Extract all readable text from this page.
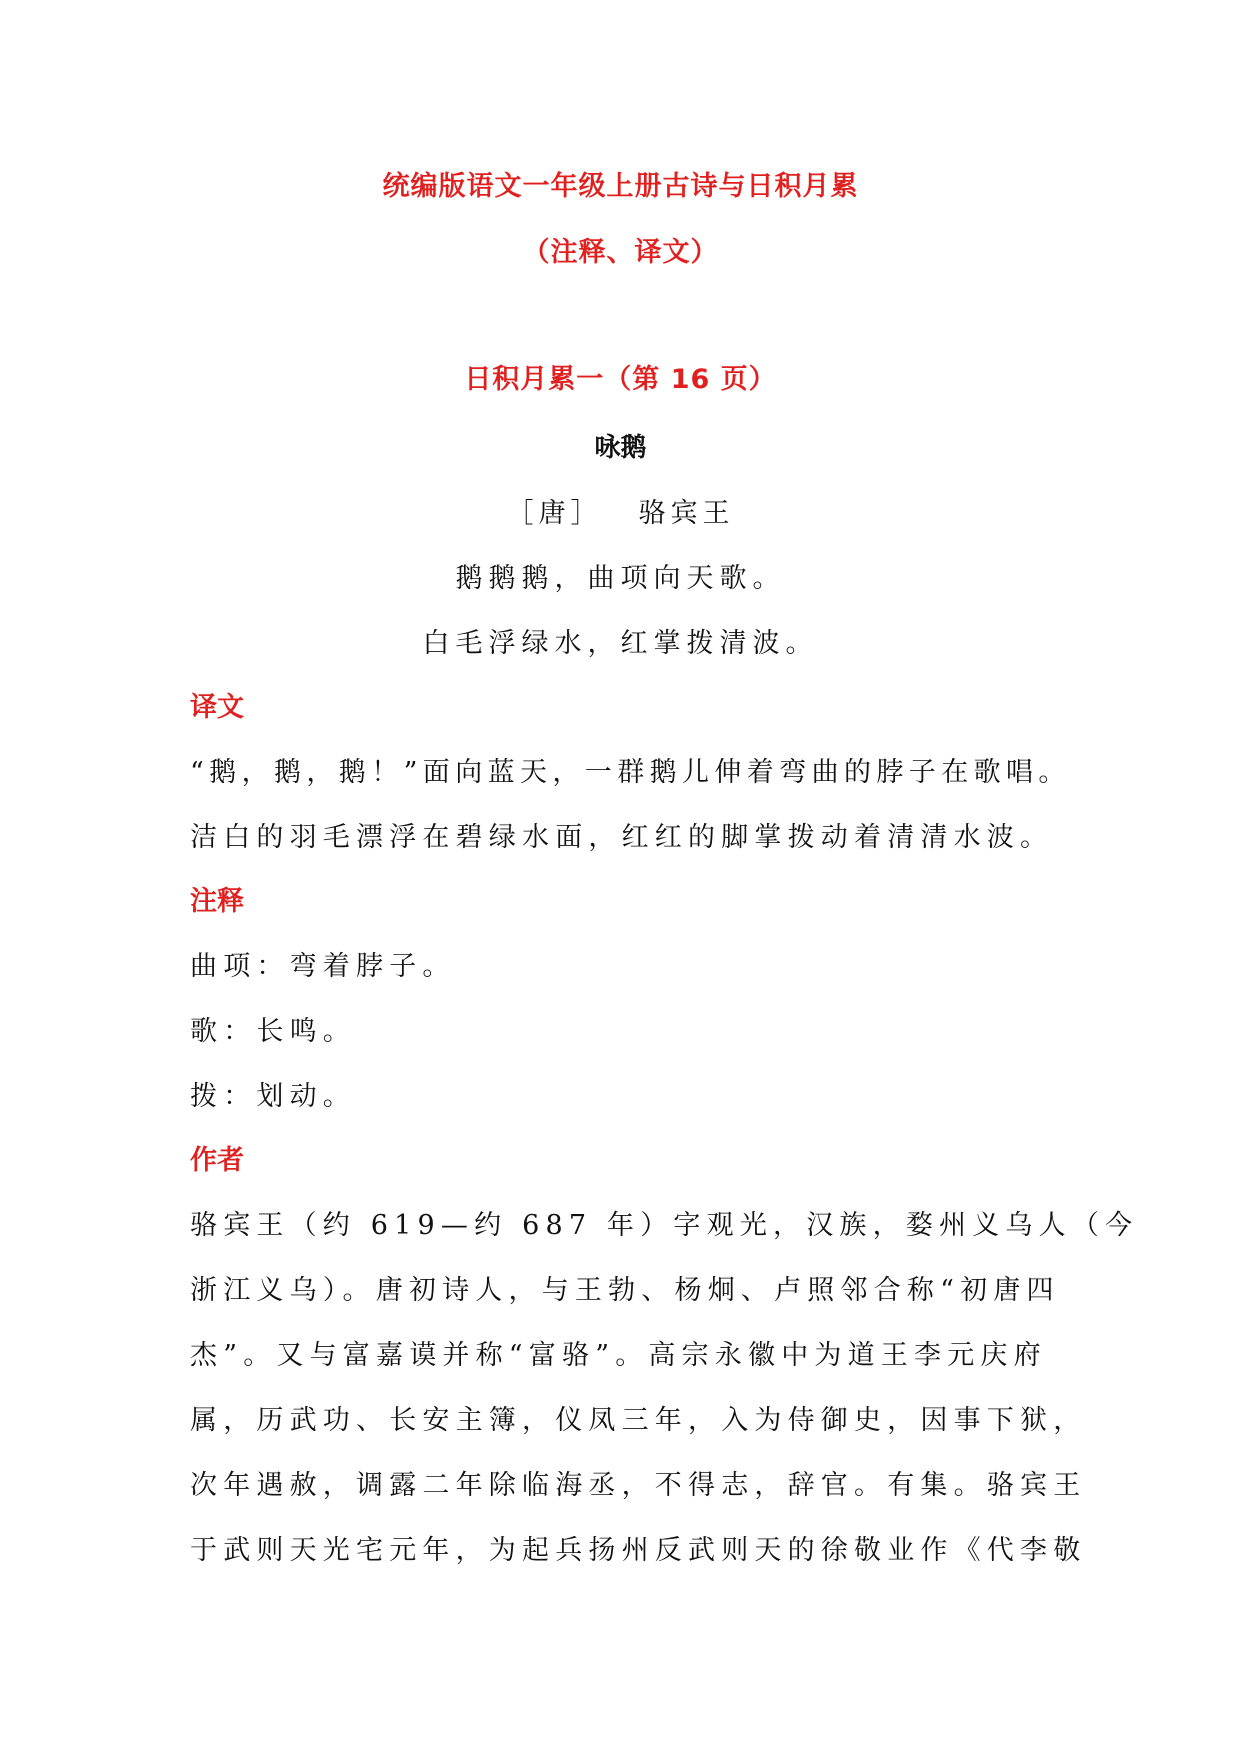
统编版语文一年级上册古诗与日积月累
（注释、译文）
日积月累一（第 16 页）
咏鹅
［唐］ 骆宾王
鹅鹅鹅，曲项向天歌。
白毛浮绿水，红掌拨清波。
译文
“鹅，鹅，鹅！”面向蓝天，一群鹅儿伸着弯曲的脖子在歌唱。
洁白的羽毛漂浮在碧绿水面，红红的脚掌拨动着清清水波。
注释
曲项：弯着脖子。
歌：长鸣。
拨：划动。
作者
骆宾王（约 619—约 687 年）字观光，汉族，婺州义乌人（今
浙江义乌）。唐初诗人，与王勃、杨炯、卢照邻合称“初唐四
杰”。又与富嘉谟并称“富骆”。高宗永徽中为道王李元庆府
属，历武功、长安主簿，仪凤三年，入为侍御史，因事下狱，
次年遇赦，调露二年除临海丞，不得志，辞官。有集。骆宾王
于武则天光宅元年，为起兵扬州反武则天的徐敬业作《代李敬
